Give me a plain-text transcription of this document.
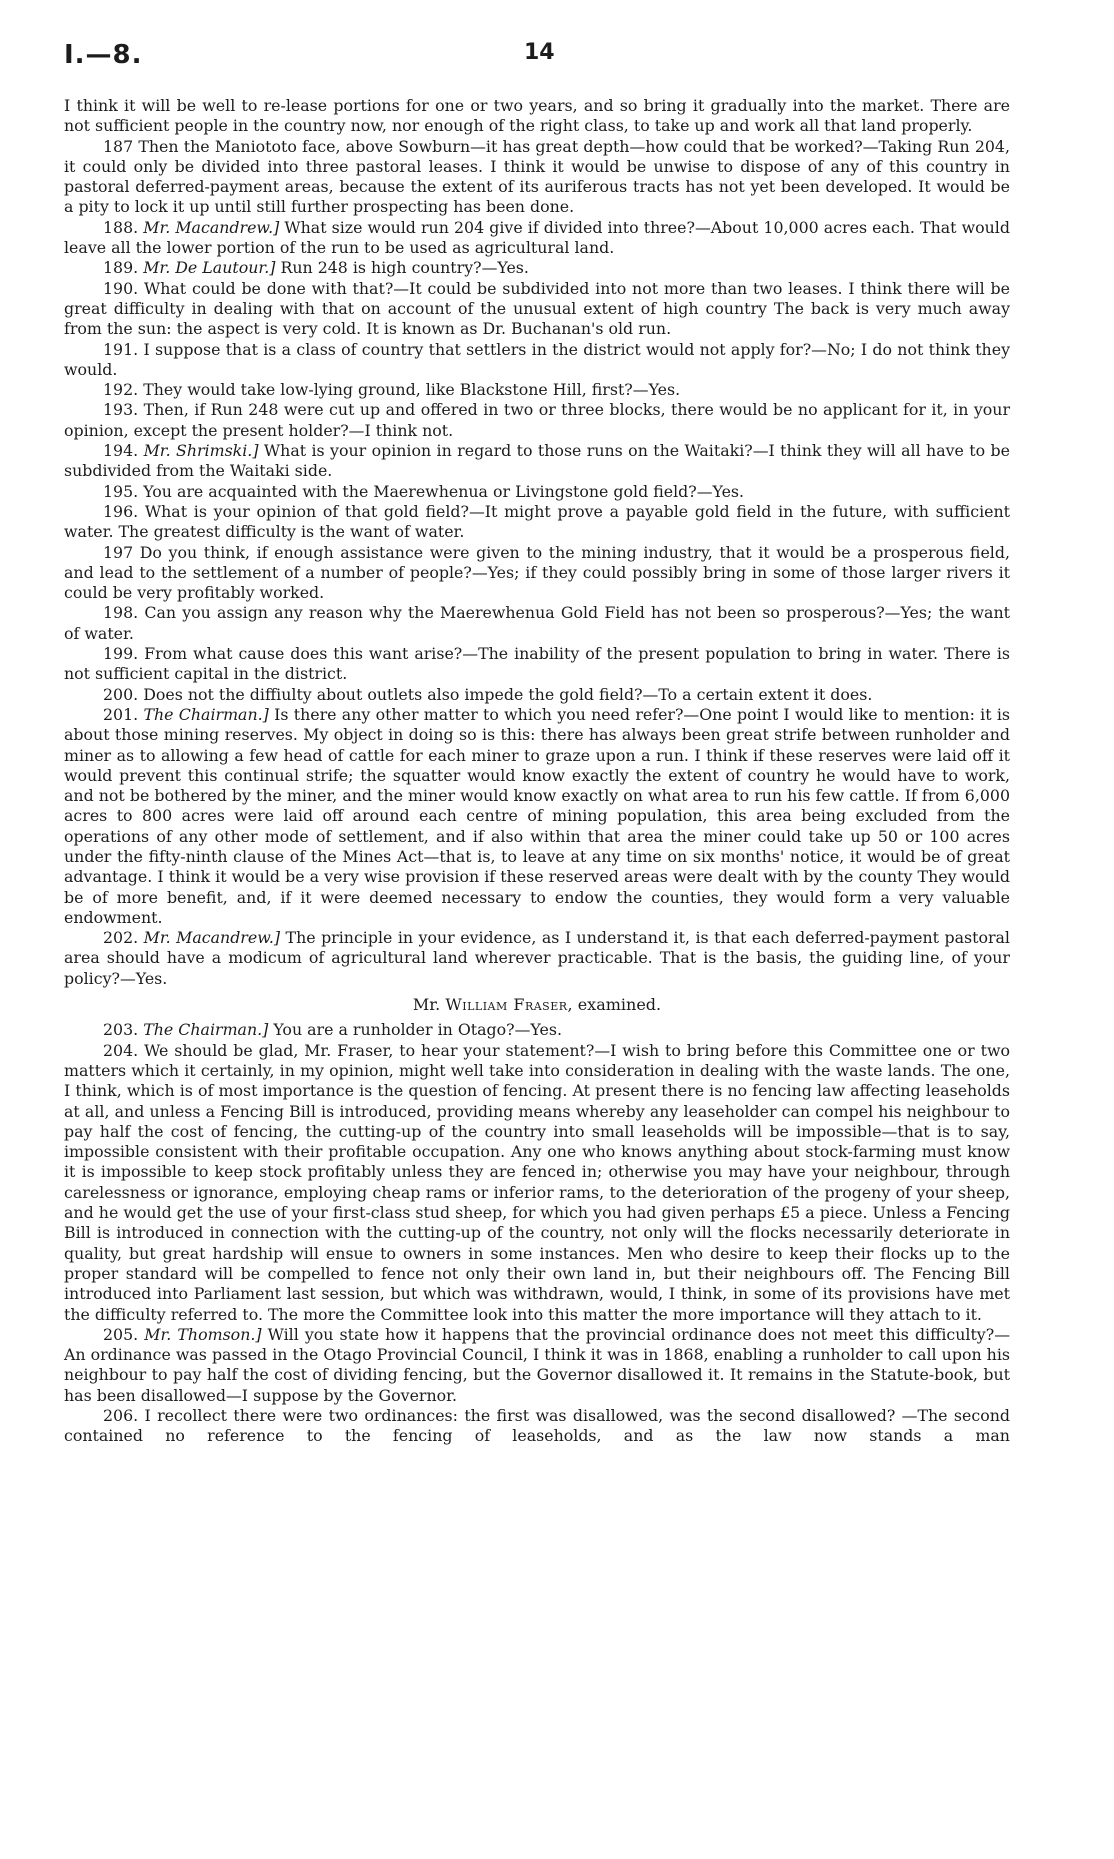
I.—8.	14

I think it will be well to re-lease portions for one or two years, and so bring it gradually into the market. There are not sufficient people in the country now, nor enough of the right class, to take up and work all that land properly.

187 Then the Maniototo face, above Sowburn—it has great depth—how could that be worked?—Taking Run 204, it could only be divided into three pastoral leases. I think it would be unwise to dispose of any of this country in pastoral deferred-payment areas, because the extent of its auriferous tracts has not yet been developed. It would be a pity to lock it up until still further prospecting has been done.

188. Mr. Macandrew.] What size would run 204 give if divided into three?—About 10,000 acres each. That would leave all the lower portion of the run to be used as agricultural land.

189. Mr. De Lautour.] Run 248 is high country?—Yes.

190. What could be done with that?—It could be subdivided into not more than two leases. I think there will be great difficulty in dealing with that on account of the unusual extent of high country The back is very much away from the sun: the aspect is very cold. It is known as Dr. Buchanan's old run.

191. I suppose that is a class of country that settlers in the district would not apply for?—No; I do not think they would.

192. They would take low-lying ground, like Blackstone Hill, first?—Yes.

193. Then, if Run 248 were cut up and offered in two or three blocks, there would be no applicant for it, in your opinion, except the present holder?—I think not.

194. Mr. Shrimski.] What is your opinion in regard to those runs on the Waitaki?—I think they will all have to be subdivided from the Waitaki side.

195. You are acquainted with the Maerewhenua or Livingstone gold field?—Yes.

196. What is your opinion of that gold field?—It might prove a payable gold field in the future, with sufficient water. The greatest difficulty is the want of water.

197 Do you think, if enough assistance were given to the mining industry, that it would be a prosperous field, and lead to the settlement of a number of people?—Yes; if they could possibly bring in some of those larger rivers it could be very profitably worked.

198. Can you assign any reason why the Maerewhenua Gold Field has not been so prosperous?—Yes; the want of water.

199. From what cause does this want arise?—The inability of the present population to bring in water. There is not sufficient capital in the district.

200. Does not the diffiulty about outlets also impede the gold field?—To a certain extent it does.

201. The Chairman.] Is there any other matter to which you need refer?—One point I would like to mention: it is about those mining reserves. My object in doing so is this: there has always been great strife between runholder and miner as to allowing a few head of cattle for each miner to graze upon a run. I think if these reserves were laid off it would prevent this continual strife; the squatter would know exactly the extent of country he would have to work, and not be bothered by the miner, and the miner would know exactly on what area to run his few cattle. If from 6,000 acres to 800 acres were laid off around each centre of mining population, this area being excluded from the operations of any other mode of settlement, and if also within that area the miner could take up 50 or 100 acres under the fifty-ninth clause of the Mines Act—that is, to leave at any time on six months' notice, it would be of great advantage. I think it would be a very wise provision if these reserved areas were dealt with by the county They would be of more benefit, and, if it were deemed necessary to endow the counties, they would form a very valuable endowment.

202. Mr. Macandrew.] The principle in your evidence, as I understand it, is that each deferred-payment pastoral area should have a modicum of agricultural land wherever practicable. That is the basis, the guiding line, of your policy?—Yes.

Mr. William Fraser, examined.

203. The Chairman.] You are a runholder in Otago?—Yes.

204. We should be glad, Mr. Fraser, to hear your statement?—I wish to bring before this Committee one or two matters which it certainly, in my opinion, might well take into consideration in dealing with the waste lands. The one, I think, which is of most importance is the question of fencing. At present there is no fencing law affecting leaseholds at all, and unless a Fencing Bill is introduced, providing means whereby any leaseholder can compel his neighbour to pay half the cost of fencing, the cutting-up of the country into small leaseholds will be impossible—that is to say, impossible consistent with their profitable occupation. Any one who knows anything about stock-farming must know it is impossible to keep stock profitably unless they are fenced in; otherwise you may have your neighbour, through carelessness or ignorance, employing cheap rams or inferior rams, to the deterioration of the progeny of your sheep, and he would get the use of your first-class stud sheep, for which you had given perhaps £5 a piece. Unless a Fencing Bill is introduced in connection with the cutting-up of the country, not only will the flocks necessarily deteriorate in quality, but great hardship will ensue to owners in some instances. Men who desire to keep their flocks up to the proper standard will be compelled to fence not only their own land in, but their neighbours off. The Fencing Bill introduced into Parliament last session, but which was withdrawn, would, I think, in some of its provisions have met the difficulty referred to. The more the Committee look into this matter the more importance will they attach to it.

205. Mr. Thomson.] Will you state how it happens that the provincial ordinance does not meet this difficulty?—An ordinance was passed in the Otago Provincial Council, I think it was in 1868, enabling a runholder to call upon his neighbour to pay half the cost of dividing fencing, but the Governor disallowed it. It remains in the Statute-book, but has been disallowed—I suppose by the Governor.

206. I recollect there were two ordinances: the first was disallowed, was the second disallowed? —The second contained no reference to the fencing of leaseholds, and as the law now stands a man
